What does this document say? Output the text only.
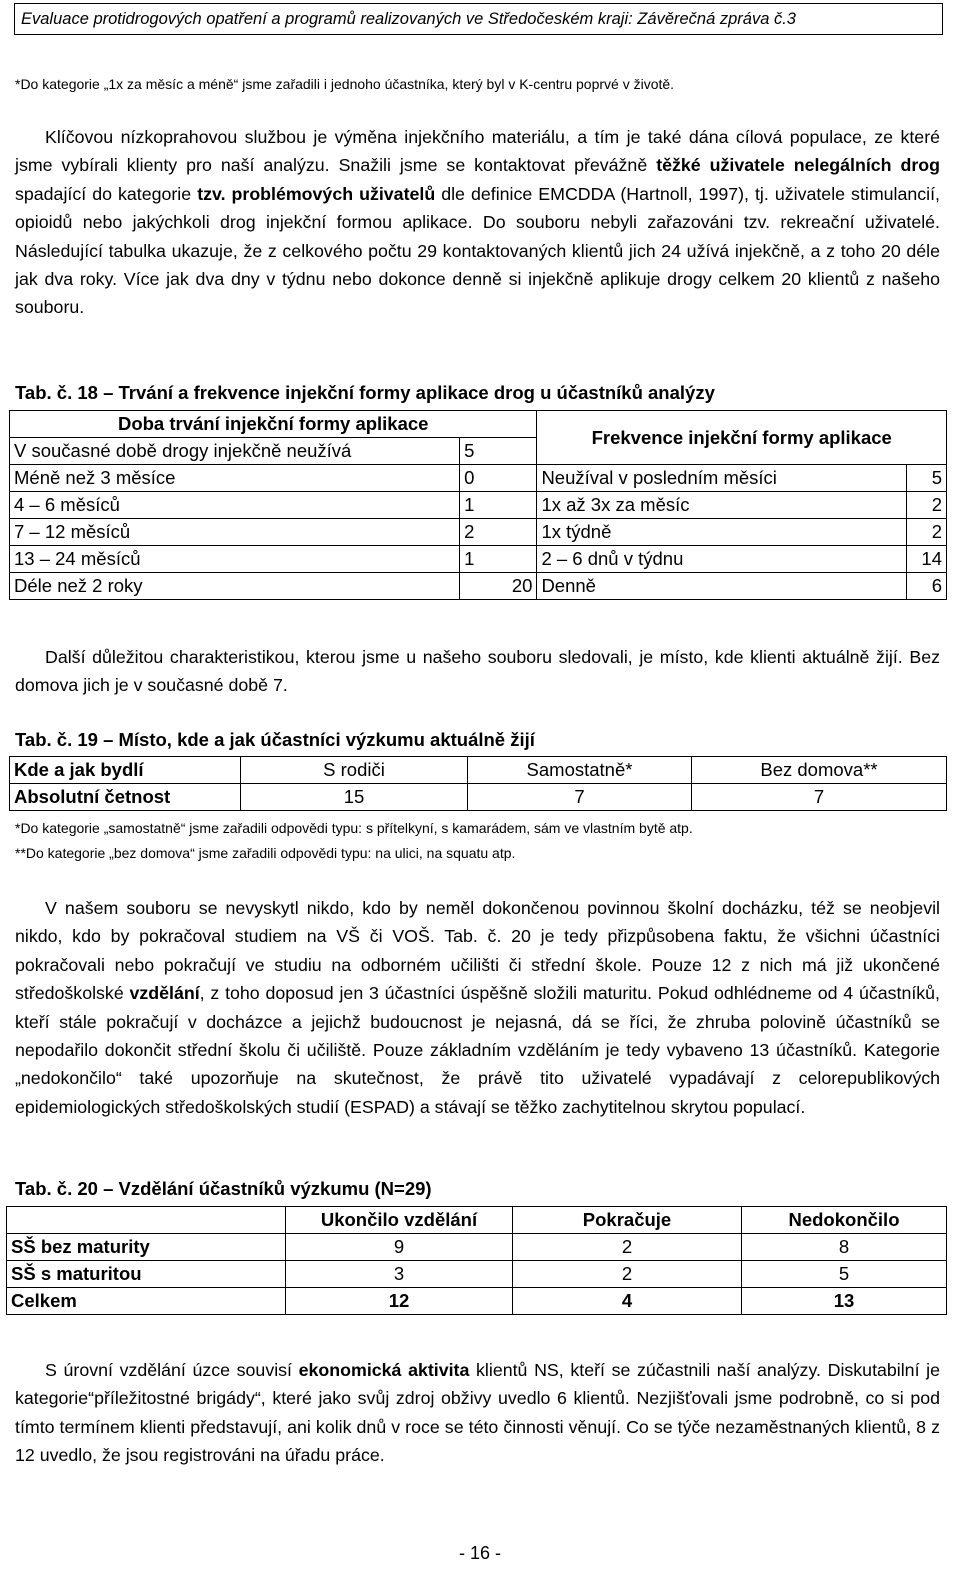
Evaluace protidrogových opatření a programů realizovaných ve Středočeském kraji: Závěrečná zpráva č.3
*Do kategorie „1x za měsíc a méně“ jsme zařadili i jednoho účastníka, který byl v K-centru poprvé v životě.
Klíčovou nízkoprahovou službou je výměna injekčního materiálu, a tím je také dána cílová populace, ze které jsme vybírali klienty pro naší analýzu. Snažili jsme se kontaktovat převážně těžké uživatele nelegálních drog spadající do kategorie tzv. problémových uživatelů dle definice EMCDDA (Hartnoll, 1997), tj. uživatele stimulancií, opioidů nebo jakýchkoli drog injekční formou aplikace. Do souboru nebyli zařazováni tzv. rekreační uživatelé. Následující tabulka ukazuje, že z celkového počtu 29 kontaktovaných klientů jich 24 užívá injekčně, a z toho 20 déle jak dva roky. Více jak dva dny v týdnu nebo dokonce denně si injekčně aplikuje drogy celkem 20 klientů z našeho souboru.
Tab. č. 18 – Trvání a frekvence injekční formy aplikace drog u účastníků analýzy
Doba trvání injekční formy aplikace		Frekvence injekční formy aplikace	
V současné době drogy injekčně neužívá	5		
Méně než 3 měsíce	0	Neužíval v posledním měsíci	5
4 – 6 měsíců	1	1x až 3x za měsíc	2
7 – 12 měsíců	2	1x týdně	2
13 – 24 měsíců	1	2 – 6 dnů v týdnu	14
Déle než 2 roky	20	Denně	6
Další důležitou charakteristikou, kterou jsme u našeho souboru sledovali, je místo, kde klienti aktuálně žijí. Bez domova jich je v současné době 7.
Tab. č. 19 – Místo, kde a jak účastníci výzkumu aktuálně žijí
Kde a jak bydlí	S rodiči	Samostatně*	Bez domova**
Absolutní četnost	15	7	7
*Do kategorie „samostatně“ jsme zařadili odpovědi typu: s přítelkyní, s kamarádem, sám ve vlastním bytě atp.
**Do kategorie „bez domova“ jsme zařadili odpovědi typu: na ulici, na squatu atp.
V našem souboru se nevyskytl nikdo, kdo by neměl dokončenou povinnou školní docházku, též se neobjevil nikdo, kdo by pokračoval studiem na VŠ či VOŠ. Tab. č. 20 je tedy přizpůsobena faktu, že všichni účastníci pokračovali nebo pokračují ve studiu na odborném učilišti či střední škole. Pouze 12 z nich má již ukončené středoškolské vzdělání, z toho doposud jen 3 účastníci úspěšně složili maturitu. Pokud odhlédneme od 4 účastníků, kteří stále pokračují v docházce a jejichž budoucnost je nejasná, dá se říci, že zhruba polovině účastníků se nepodařilo dokončit střední školu či učiliště. Pouze základním vzděláním je tedy vybaveno 13 účastníků. Kategorie „nedokončilo“ také upozorňuje na skutečnost, že právě tito uživatelé vypadávají z celorepublikových epidemiologických středoškolských studií (ESPAD) a stávají se těžko zachytitelnou skrytou populací.
Tab. č. 20 – Vzdělání účastníků výzkumu (N=29)
	Ukončilo vzdělání	Pokračuje	Nedokončilo
SŠ bez maturity	9	2	8
SŠ s maturitou	3	2	5
Celkem	12	4	13
S úrovní vzdělání úzce souvisí ekonomická aktivita klientů NS, kteří se zúčastnili naší analýzy. Diskutabilní je kategorie“příležitostné brigády“, které jako svůj zdroj obživy uvedlo 6 klientů. Nezjišťovali jsme podrobně, co si pod tímto termínem klienti představují, ani kolik dnů v roce se této činnosti věnují. Co se týče nezaměstnaných klientů, 8 z 12 uvedlo, že jsou registrováni na úřadu práce.
- 16 -
